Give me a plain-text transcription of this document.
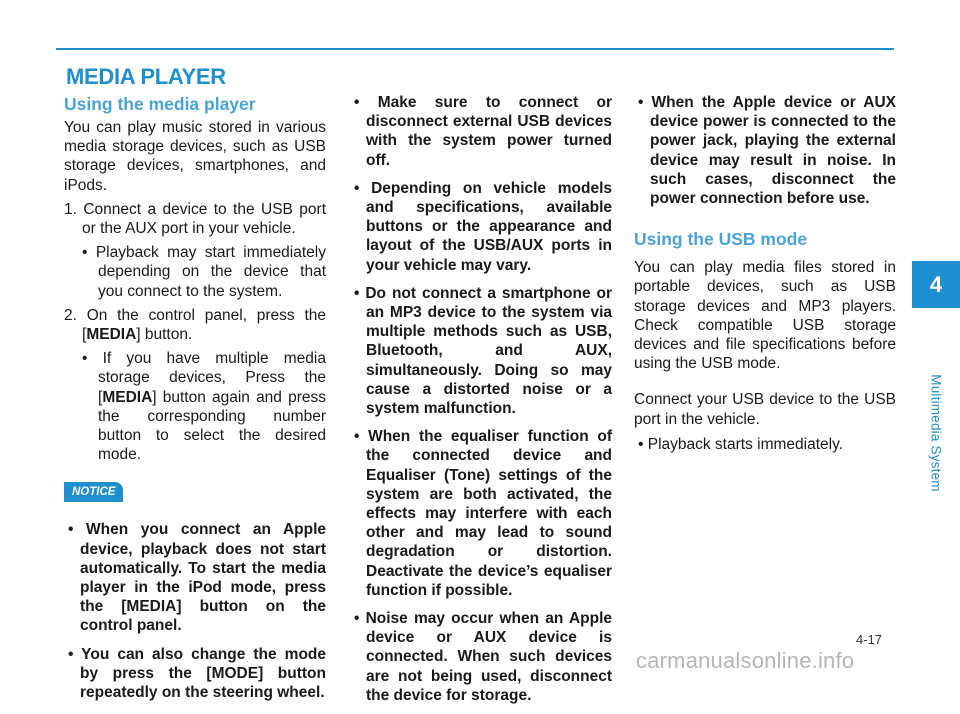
MEDIA PLAYER
Using the media player

You can play music stored in various media storage devices, such as USB storage devices, smartphones, and iPods.

1. Connect a device to the USB port or the AUX port in your vehicle.
• Playback may start immediately depending on the device that you connect to the system.
2. On the control panel, press the [MEDIA] button.
• If you have multiple media storage devices, Press the [MEDIA] button again and press the corresponding number button to select the desired mode.
NOTICE
• When you connect an Apple device, playback does not start automatically. To start the media player in the iPod mode, press the [MEDIA] button on the control panel.
• You can also change the mode by press the [MODE] button repeatedly on the steering wheel.
• Make sure to connect or disconnect external USB devices with the system power turned off.
• Depending on vehicle models and specifications, available buttons or the appearance and layout of the USB/AUX ports in your vehicle may vary.
• Do not connect a smartphone or an MP3 device to the system via multiple methods such as USB, Bluetooth, and AUX, simultaneously. Doing so may cause a distorted noise or a system malfunction.
• When the equaliser function of the connected device and Equaliser (Tone) settings of the system are both activated, the effects may interfere with each other and may lead to sound degradation or distortion. Deactivate the device’s equaliser function if possible.
• Noise may occur when an Apple device or AUX device is connected. When such devices are not being used, disconnect the device for storage.
• When the Apple device or AUX device power is connected to the power jack, playing the external device may result in noise. In such cases, disconnect the power connection before use.
Using the USB mode

You can play media files stored in portable devices, such as USB storage devices and MP3 players. Check compatible USB storage devices and file specifications before using the USB mode.

Connect your USB device to the USB port in the vehicle.

• Playback starts immediately.
4
Multimedia System
4-17
carmanualsonline.info
